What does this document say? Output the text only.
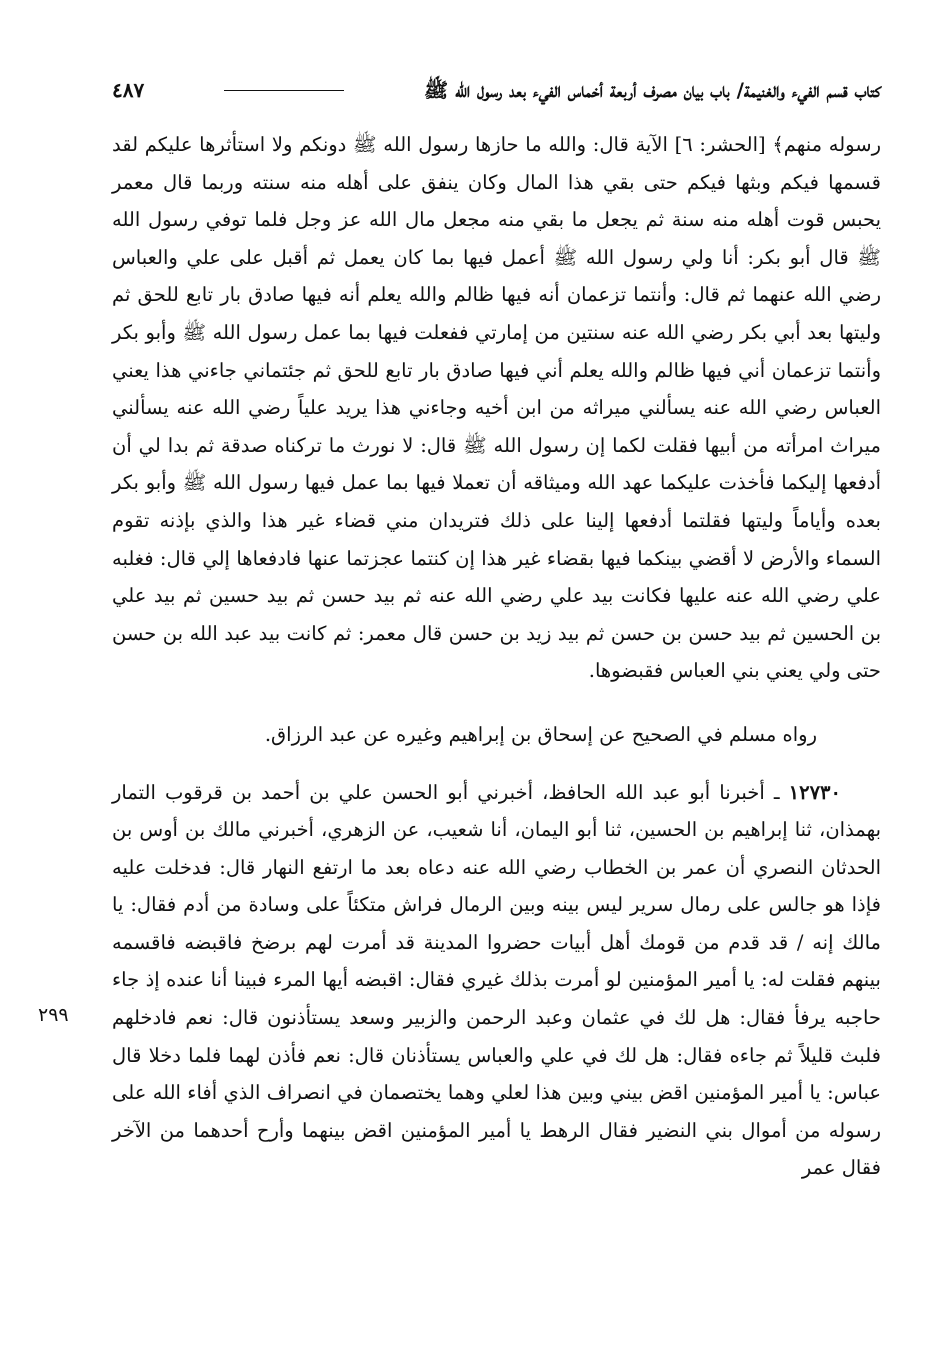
كتاب قسم الفيء والغنيمة/ باب بيان مصرف أربعة أخماس الفيء بعد رسول الله ﷺ
٤٨٧

رسوله منهم﴾ [الحشر: ٦] الآية قال: والله ما حازها رسول الله ﷺ دونكم ولا استأثرها عليكم لقد قسمها فيكم وبثها فيكم حتى بقي هذا المال وكان ينفق على أهله منه سنته وربما قال معمر يحبس قوت أهله منه سنة ثم يجعل ما بقي منه مجعل مال الله عز وجل فلما توفي رسول الله ﷺ قال أبو بكر: أنا ولي رسول الله ﷺ أعمل فيها بما كان يعمل ثم أقبل على علي والعباس رضي الله عنهما ثم قال: وأنتما تزعمان أنه فيها ظالم والله يعلم أنه فيها صادق بار تابع للحق ثم وليتها بعد أبي بكر رضي الله عنه سنتين من إمارتي ففعلت فيها بما عمل رسول الله ﷺ وأبو بكر وأنتما تزعمان أني فيها ظالم والله يعلم أني فيها صادق بار تابع للحق ثم جئتماني جاءني هذا يعني العباس رضي الله عنه يسألني ميراثه من ابن أخيه وجاءني هذا يريد علياً رضي الله عنه يسألني ميراث امرأته من أبيها فقلت لكما إن رسول الله ﷺ قال: لا نورث ما تركناه صدقة ثم بدا لي أن أدفعها إليكما فأخذت عليكما عهد الله وميثاقه أن تعملا فيها بما عمل فيها رسول الله ﷺ وأبو بكر بعده وأياماً وليتها فقلتما أدفعها إلينا على ذلك فتريدان مني قضاء غير هذا والذي بإذنه تقوم السماء والأرض لا أقضي بينكما فيها بقضاء غير هذا إن كنتما عجزتما عنها فادفعاها إلي قال: فغلبه علي رضي الله عنه عليها فكانت بيد علي رضي الله عنه ثم بيد حسن ثم بيد حسين ثم بيد علي بن الحسين ثم بيد حسن بن حسن ثم بيد زيد بن حسن قال معمر: ثم كانت بيد عبد الله بن حسن حتى ولي يعني بني العباس فقبضوها.

رواه مسلم في الصحيح عن إسحاق بن إبراهيم وغيره عن عبد الرزاق.

١٢٧٣٠ ـ أخبرنا أبو عبد الله الحافظ، أخبرني أبو الحسن علي بن أحمد بن قرقوب التمار بهمذان، ثنا إبراهيم بن الحسين، ثنا أبو اليمان، أنا شعيب، عن الزهري، أخبرني مالك بن أوس بن الحدثان النصري أن عمر بن الخطاب رضي الله عنه دعاه بعد ما ارتفع النهار قال: فدخلت عليه فإذا هو جالس على رمال سرير ليس بينه وبين الرمال فراش متكئاً على وسادة من أدم فقال: يا مالك إنه / قد قدم من قومك أهل أبيات حضروا المدينة قد أمرت لهم برضخ فاقبضه فاقسمه بينهم فقلت له: يا أمير المؤمنين لو أمرت بذلك غيري فقال: اقبضه أيها المرء فبينا أنا عنده إذ جاء حاجبه يرفأ فقال: هل لك في عثمان وعبد الرحمن والزبير وسعد يستأذنون قال: نعم فادخلهم فلبث قليلاً ثم جاءه فقال: هل لك في علي والعباس يستأذنان قال: نعم فأذن لهما فلما دخلا قال عباس: يا أمير المؤمنين اقض بيني وبين هذا لعلي وهما يختصمان في انصراف الذي أفاء الله على رسوله من أموال بني النضير فقال الرهط يا أمير المؤمنين اقض بينهما وأرح أحدهما من الآخر فقال عمر

٢٩٩
